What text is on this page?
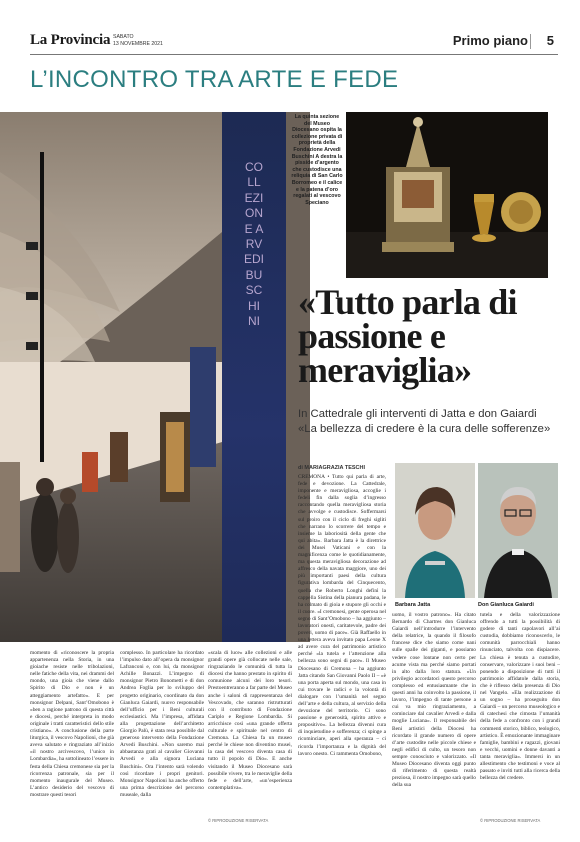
La Provincia SABATO
13 NOVEMBRE 2021	Primo piano 5
L’INCONTRO TRA ARTE E FEDE
COLLEZIONE ARVEDI BUSCHINI
La quinta sezione del Museo Diocesano ospita la collezione privata di proprietà della Fondazione Arvedi Buschini A destra la pisside d’argento che custodisce una reliquia di San Carlo Borromeo e il calice e la patena d’oro regalati al vescovo Speciano
«Tutto parla di passione e meraviglia»
In Cattedrale gli interventi di Jatta e don Gaiardi
«La bellezza di credere è la cura delle sofferenze»
di MARIAGRAZIA TESCHI
Barbara Jatta	Don Gianluca Gaiardi
momento di «riconoscere la propria appartenenza nella Storia, in una gioiache resiste nelle tribolazioni, nelle fatiche della vita, nei drammi del mondo, una gioia che viene dallo Spirito di Dio e non è un atteggiamento artefatto». E per monsignor Delpani, Sant’Omobono è «ben a ragione patrono di questa città e diocesi, perché interpreta in modo originale i tratti caratteristici dello stile cristiano». A conclusione della parte liturgica, il vescovo Napolioni, che già aveva salutato e ringraziato all’inizio «il nostro arcivescovo, l’unico in Lombardia», ha sottolineato l’essere in festa della Chiesa cremonese sia per la ricorrenza patronale, sia per il momento inaugurale del Museo. L’antico desiderio del vescovo di mostrare questi tesori
complesso. In particolare ha ricordato l’impulso dato all’opera da monsignor Lafranconi e, con lui, da monsignor Achille Bonazzi. L’impegno di monsignor Pietro Bonometti e di don Andrea Foglia per lo sviluppo del progetto originario, coordinato da don Gianluca Gaiardi, nuovo responsabile dell’ufficio per i Beni culturali ecclesiastici. Ma l’impresa, affidata alla progettazione dell’architetto Giorgio Palù, è stata resa possibile dal generoso intervento della Fondazione Arvedi Buschini. «Non saremo mai abbastanza grati al cavalier Giovanni Arvedi e alla signora Luciana Buschini». Ora l’intento sarà volendo così ricordare i propri genitori. Monsignor Napolioni ha anche offerto una prima descrizione del percorso museale, dalla
«scala di luce» alle collezioni e alle grandi opere già collocate nelle sale, ringraziando le comunità di tutta la diocesi che hanno prestato in spirito di comunione alcuni dei loro tesori. Prestoentreranno a far parte del Museo anche i saloni di rappresentanza del Vescovado, che saranno ristrutturati con il contributo di Fondazione Cariplo e Regione Lombardia. Si arricchisce così «una grande offerta culturale e spirituale nel centro di Cremona. La Chiesa fa un museo perché le chiese non diventino musei, la casa del vescovo diventa casa di tutto il popolo di Dio». E anche visitando il Museo Diocesano sarà possibile vivere, tra le meraviglie della fede e dell’arte, «un’esperienza contemplativa».
CREMONA • Tutto qui parla di arte, fede e devozione. La Cattedrale, imponente e meravigliosa, accoglie i fedeli fin dalla soglia d’ingresso raccontando quella meravigliosa storia che avvolge e custodisce. Soffermarsi sul proiro con il ciclo di freghi sigliti che narrano lo scorrere del tempo e insieme la laboriosità della gente che qui abita». Barbara Jatta è la direttrice dei Musei Vaticani e con la magnificenza come le quotidianamente, ma questa meravigliosa decorazione ad affresco della navata maggiore, uno dei più importanti paesi della cultura figurativa lombarda del Cinquecento, quella che Roberto Longhi definì la cappella Sistina della pianura padana, le ha colmato di gioia e stupore gli occhi e il cuore. «I cremonesi, gente operosa nel segno di Sant’Omobono – ha aggiunto – lavoratori onesti, caritatevole, padre dei poveri, uomo di pace». Già Raffaello in una lettera aveva invitato papa Leone X ad avere cura del patrimonio artistico perché «la tutela e l’attenzione alla bellezza sono segni di pace». Il Museo Diocesano di Cremona – ha aggiunto Jatta citando San Giovanni Paolo II – «è una porta aperta sul mondo, una casa in cui trovare le radici e la volontà di dialogare con l’umanità nel segno dell’arte e della cultura, al servizio della devozione del territorio. Ci sono passione e generosità, spirito attivo e propositivo». La bellezza divenni cura di inquietudine e sofferenza; ci spinge a ricominciare, aperi alla speranza – ci ricorda l’importanza e la dignità del lavoro onesto. Ci rammenta Omobono,
uomo, il vostro patrono». Ha citato Bernardo di Chartres don Gianluca Gaiardi nell’introdurre l’intervento della relatrice, la quando il filosofo francese dice che siamo come nani sulle spalle dei giganti, e possiamo vedere cose lontane non certo per acume vista ma perché siamo portati in alto dalla loro statura. «Un privilegio accordatoci questo percorso complesso ed entusiasmante che in questi anni ha coinvolto la passione, il lavoro, l’impegno di tante persone a cui va mio ringraziamento, a cominciare dal cavalier Arvedi e dalla moglie Luciana». Il responsabile dei Beni artistici della Diocesi ha ricordato il grande numero di opere d’arte custodite nelle piccole chiese e negli edifici di culto, un tesoro non sempre conosciuto e valorizzato. «Il Museo Diocesano diventa oggi punto di riferimento di questa realtà preziosa, il nostro impegno sarà quello della sua
tutela e della valorizzazione offrendo a tutti la possibilità di godere di tanti capolavori all’ai custodia, dobbiamo riconoscerlo, le comunità parrocchiali hanno rinunciato, talvolta con dispiacere. La chiesa è tenuta a custodire, conservare, valorizzare i suoi beni – ponendo a disposizione di tutti il patrimonio affidatole dalla storia, che è riflesso della presenza di Dio nel Vangelo. «Ela realizzazione di un sogno – ha proseguito don Gaiardi – un percorso museologico e di catechesi che cimosta l’umanità della fede a confronto con i grandi commenti storico, biblico, teologico, artistico. È emozionante immaginare famiglie, bambini e ragazzi, giovani e vecchi, uomini e donne davanti a tanta meraviglia». Immersi in un allestimento che testimoni e voce al passato e inviti tutti alla ricerca della bellezza del credere.
© RIPRODUZIONE RISERVATA	© RIPRODUZIONE RISERVATA
